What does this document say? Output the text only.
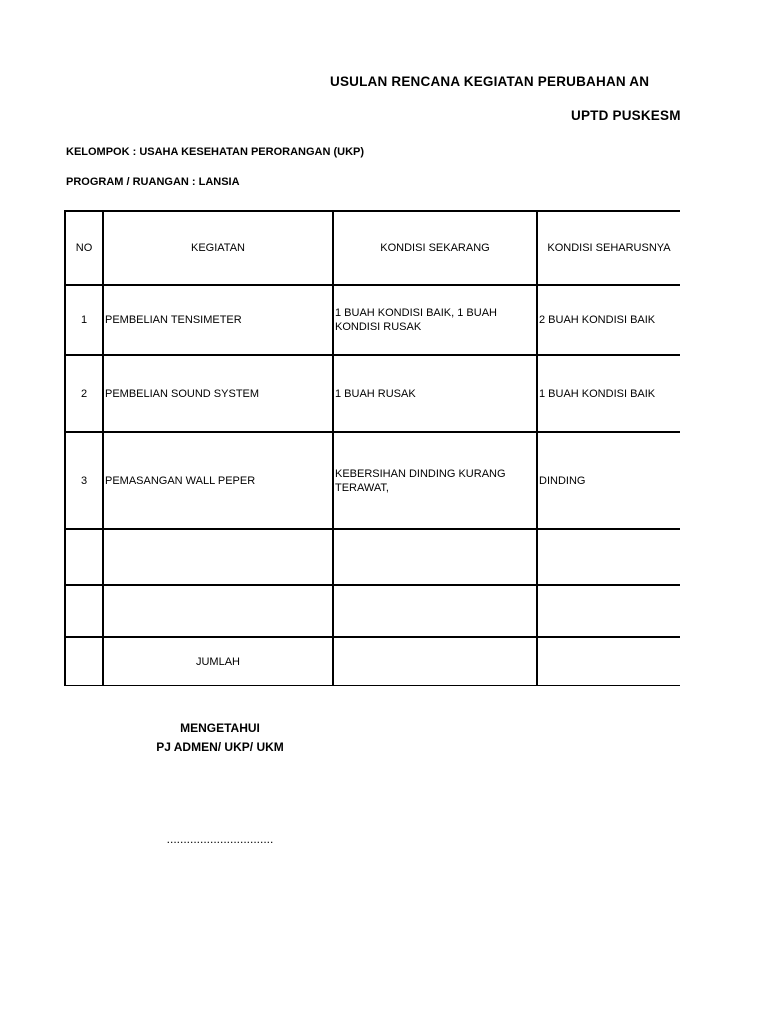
USULAN RENCANA KEGIATAN PERUBAHAN AN
UPTD PUSKESM
KELOMPOK : USAHA KESEHATAN PERORANGAN (UKP)
PROGRAM / RUANGAN : LANSIA
NO	KEGIATAN	KONDISI SEKARANG	KONDISI SEHARUSNYA
1	PEMBELIAN TENSIMETER	1 BUAH KONDISI BAIK, 1 BUAH KONDISI RUSAK	2 BUAH KONDISI BAIK
2	PEMBELIAN SOUND SYSTEM	1 BUAH RUSAK	1 BUAH KONDISI BAIK
3	PEMASANGAN WALL PEPER	KEBERSIHAN DINDING KURANG TERAWAT,	DINDING

	JUMLAH		
MENGETAHUI
PJ ADMEN/ UKP/ UKM
................................
